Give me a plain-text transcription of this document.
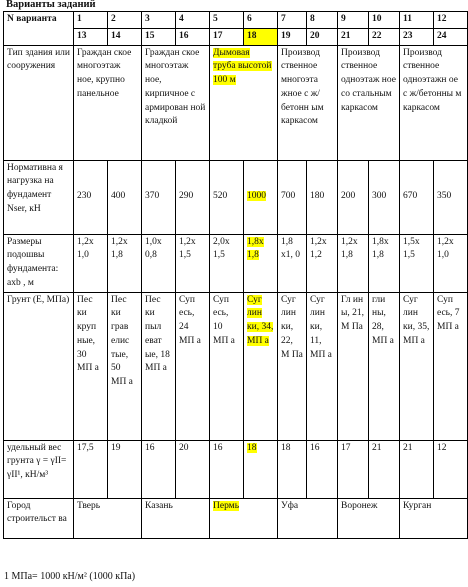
Варианты заданий
N варианта	1	2	3	4	5	6	7	8	9	10	11	12
	13	14	15	16	17	18	19	20	21	22	23	24
Тип здания или сооружения	Граждан ское многоэтаж ное, крупно панельное		Граждан ское многоэтаж ное, кирпичное с армирован ной кладкой		Дымовая труба высотой 100 м		Производ ственное многоэта жное с ж/бетонн ым каркасом		Производ ственное одноэтаж ное со стальным каркасом		Производ ственное одноэтажн ое с ж/бетонны м каркасом	
Нормативна я нагрузка на фундамент Nser, кН	230	400	370	290	520	1000	700	180	200	300	670	350
Размеры подошвы фундамента: axb , м	1,2x 1,0	1,2x 1,8	1,0x 0,8	1,2x 1,5	2,0x 1,5	1,8x 1,8	1,8 x1, 0	1,2x 1,2	1,2x 1,8	1,8x 1,8	1,5x 1,5	1,2x 1,0
Грунт (Е, МПа)	Пес ки круп ные, 30 МП а	Пес ки грав елис тые, 50 МП а	Пес ки пыл еват ые, 18 МП а	Суп есь, 24 МП а	Суп есь, 10 МП а	Суг лин ки, 34, МП а	Суг лин ки, 22, М Па	Суг лин ки, 11, МП а	Гл ин ы, 21, М Па	гли ны, 28, МП а	Суг лин ки, 35, МП а	Суп есь, 7 МП а
удельный вес грунта γ = γII= γII¹, кН/м³	17,5	19	16	20	16	18	18	16	17	21	21	12
Город строительст ва	Тверь		Казань		Пермь		Уфа		Воронеж		Курган	
1 МПа= 1000 кН/м² (1000 кПа)
